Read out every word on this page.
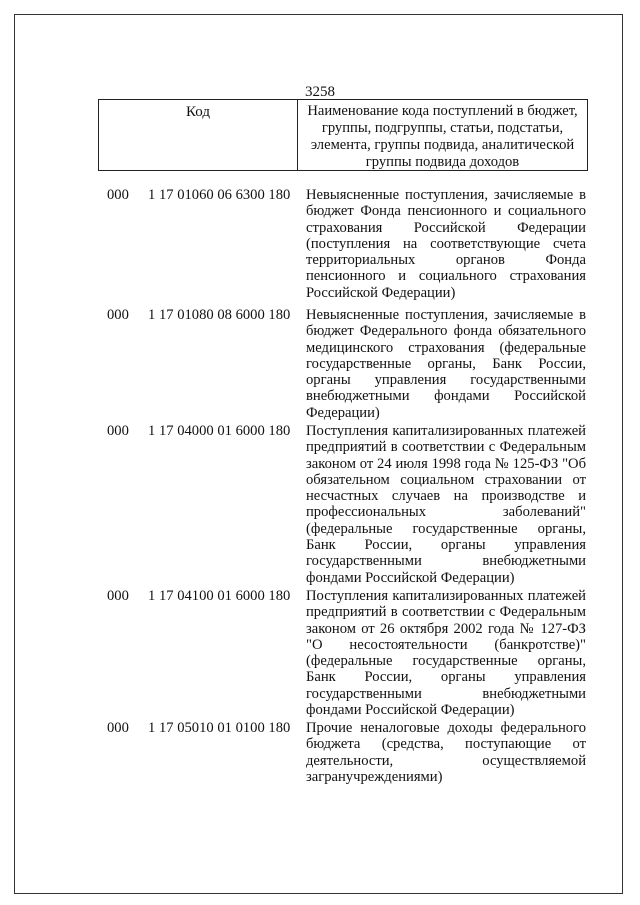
3258
Код	Наименование кода поступлений в бюджет, группы, подгруппы, статьи, подстатьи, элемента, группы подвида, аналитической группы подвида доходов
000 1 17 01060 06 6300 180 Невыясненные поступления, зачисляемые в бюджет Фонда пенсионного и социального страхования Российской Федерации (поступления на соответствующие счета территориальных органов Фонда пенсионного и социального страхования Российской Федерации)
000 1 17 01080 08 6000 180 Невыясненные поступления, зачисляемые в бюджет Федерального фонда обязательного медицинского страхования (федеральные государственные органы, Банк России, органы управления государственными внебюджетными фондами Российской Федерации)
000 1 17 04000 01 6000 180 Поступления капитализированных платежей предприятий в соответствии с Федеральным законом от 24 июля 1998 года № 125-ФЗ "Об обязательном социальном страховании от несчастных случаев на производстве и профессиональных заболеваний" (федеральные государственные органы, Банк России, органы управления государственными внебюджетными фондами Российской Федерации)
000 1 17 04100 01 6000 180 Поступления капитализированных платежей предприятий в соответствии с Федеральным законом от 26 октября 2002 года № 127-ФЗ "О несостоятельности (банкротстве)" (федеральные государственные органы, Банк России, органы управления государственными внебюджетными фондами Российской Федерации)
000 1 17 05010 01 0100 180 Прочие неналоговые доходы федерального бюджета (средства, поступающие от деятельности, осуществляемой загранучреждениями)
